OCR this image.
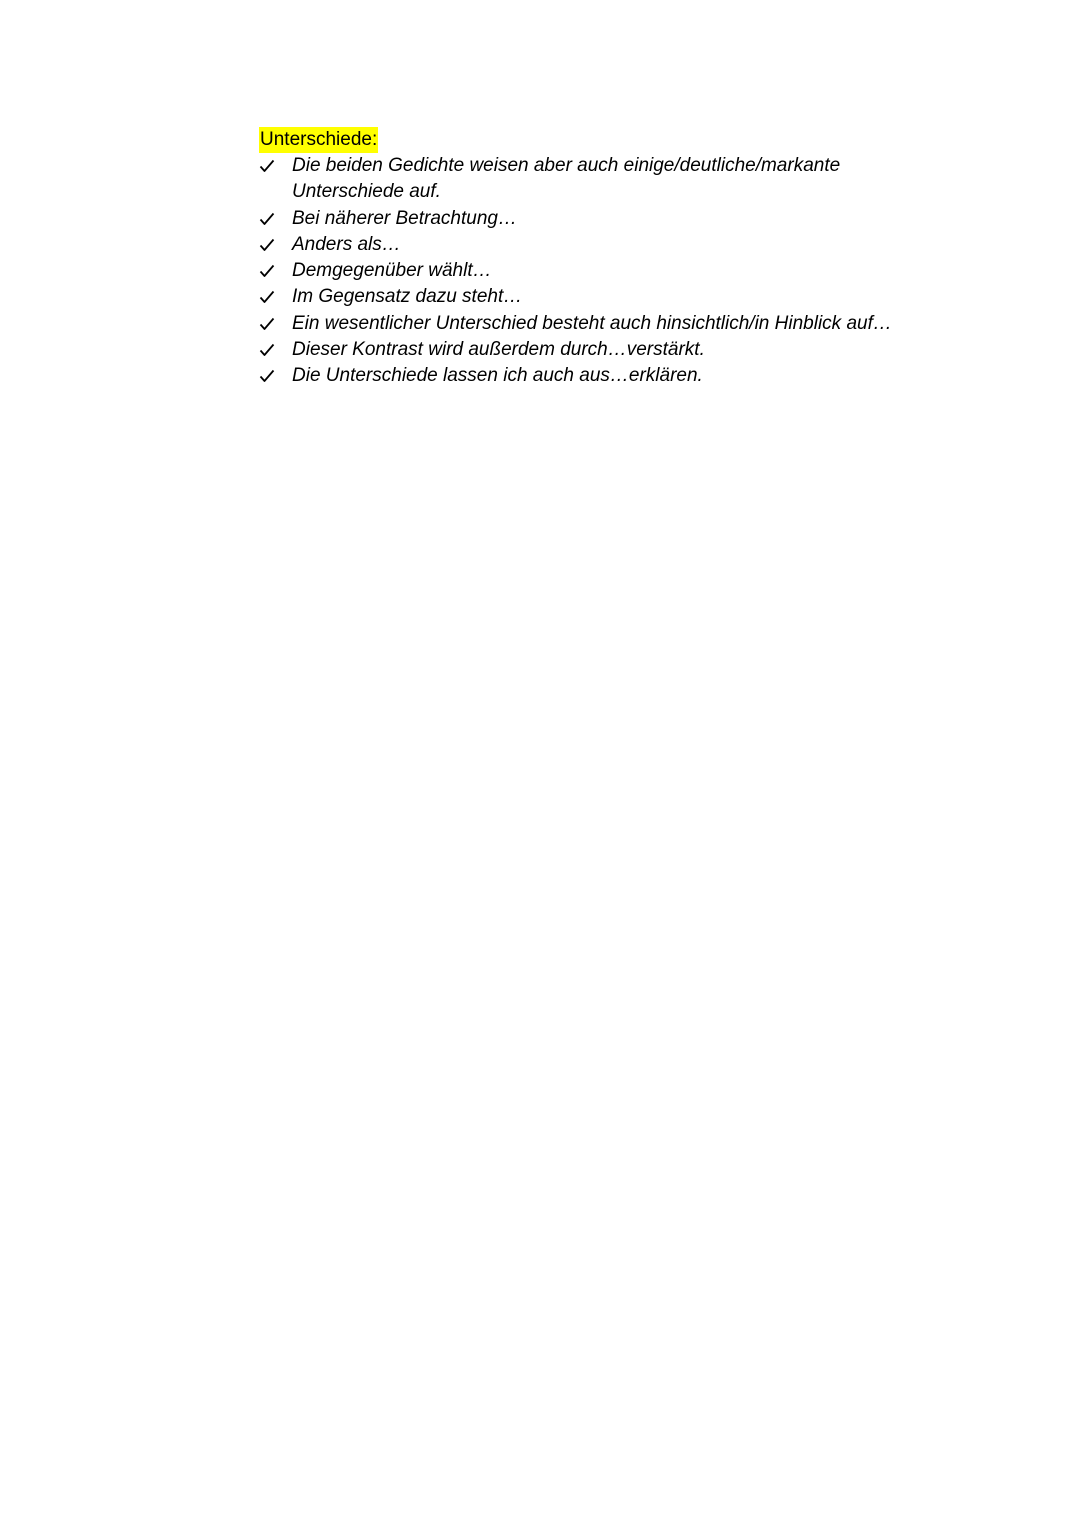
Unterschiede:
Die beiden Gedichte weisen aber auch einige/deutliche/markante Unterschiede auf.
Bei näherer Betrachtung…
Anders als…
Demgegenüber wählt…
Im Gegensatz dazu steht…
Ein wesentlicher Unterschied besteht auch hinsichtlich/in Hinblick auf…
Dieser Kontrast wird außerdem durch…verstärkt.
Die Unterschiede lassen ich auch aus…erklären.
